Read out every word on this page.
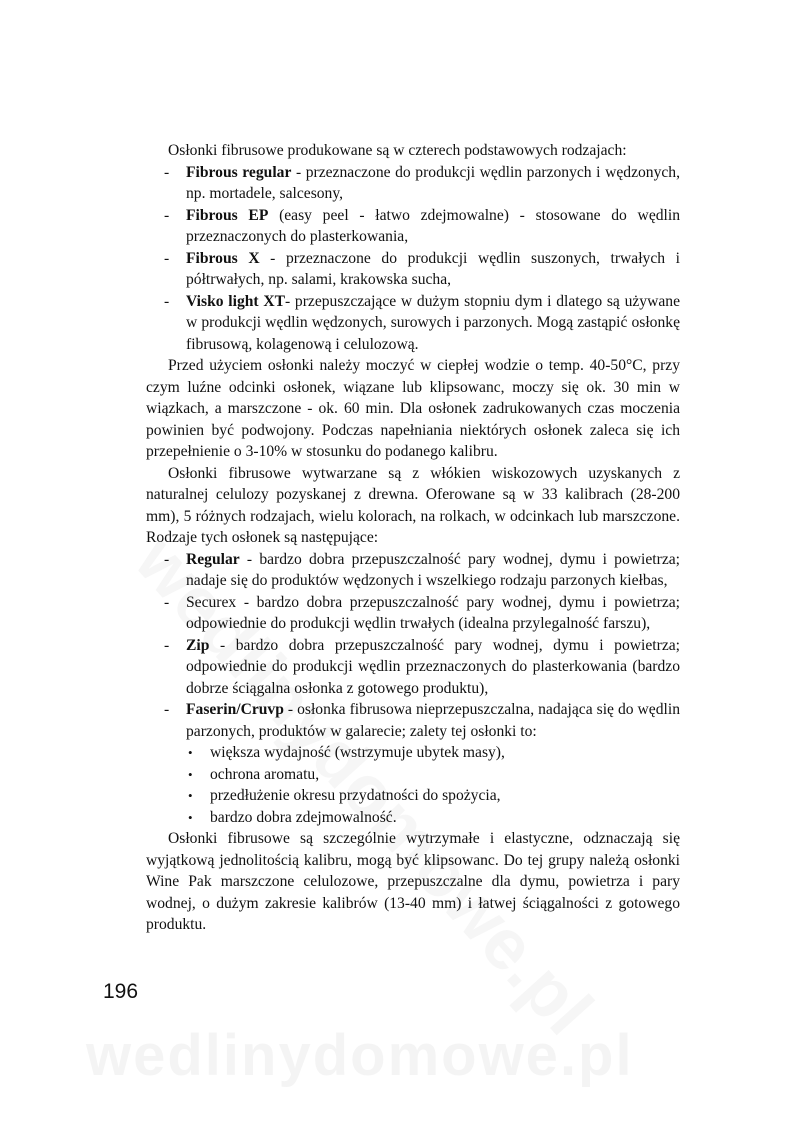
Osłonki fibrusowe produkowane są w czterech podstawowych rodzajach:

- Fibrous regular - przeznaczone do produkcji wędlin parzonych i wędzonych, np. mortadele, salcesony,
- Fibrous EP (easy peel - łatwo zdejmowalne) - stosowane do wędlin przeznaczonych do plasterkowania,
- Fibrous X - przeznaczone do produkcji wędlin suszonych, trwałych i półtrwałych, np. salami, krakowska sucha,
- Visko light XT- przepuszczające w dużym stopniu dym i dlatego są używane w produkcji wędlin wędzonych, surowych i parzonych. Mogą zastąpić osłonkę fibrusową, kolagenową i celulozową.

Przed użyciem osłonki należy moczyć w ciepłej wodzie o temp. 40-50°C, przy czym luźne odcinki osłonek, wiązane lub klipsowanc, moczy się ok. 30 min w wiązkach, a marszczone - ok. 60 min. Dla osłonek zadrukowanych czas moczenia powinien być podwojony. Podczas napełniania niektórych osłonek zaleca się ich przepełnienie o 3-10% w stosunku do podanego kalibru.

Osłonki fibrusowe wytwarzane są z włókien wiskozowych uzyskanych z naturalnej celulozy pozyskanej z drewna. Oferowane są w 33 kalibrach (28-200 mm), 5 różnych rodzajach, wielu kolorach, na rolkach, w odcinkach lub marszczone. Rodzaje tych osłonek są następujące:

- Regular - bardzo dobra przepuszczalność pary wodnej, dymu i powietrza; nadaje się do produktów wędzonych i wszelkiego rodzaju parzonych kiełbas,
- Securex - bardzo dobra przepuszczalność pary wodnej, dymu i powietrza; odpowiednie do produkcji wędlin trwałych (idealna przylegalność farszu),
- Zip - bardzo dobra przepuszczalność pary wodnej, dymu i powietrza; odpowiednie do produkcji wędlin przeznaczonych do plasterkowania (bardzo dobrze ściągalna osłonka z gotowego produktu),
- Faserin/Cruvp - osłonka fibrusowa nieprzepuszczalna, nadająca się do wędlin parzonych, produktów w galarecie; zalety tej osłonki to:
• większa wydajność (wstrzymuje ubytek masy),
• ochrona aromatu,
• przedłużenie okresu przydatności do spożycia,
• bardzo dobra zdejmowalność.

Osłonki fibrusowe są szczególnie wytrzymałe i elastyczne, odznaczają się wyjątkową jednolitością kalibru, mogą być klipsowanc. Do tej grupy należą osłonki Wine Pak marszczone celulozowe, przepuszczalne dla dymu, powietrza i pary wodnej, o dużym zakresie kalibrów (13-40 mm) i łatwej ściągalności z gotowego produktu.

196
